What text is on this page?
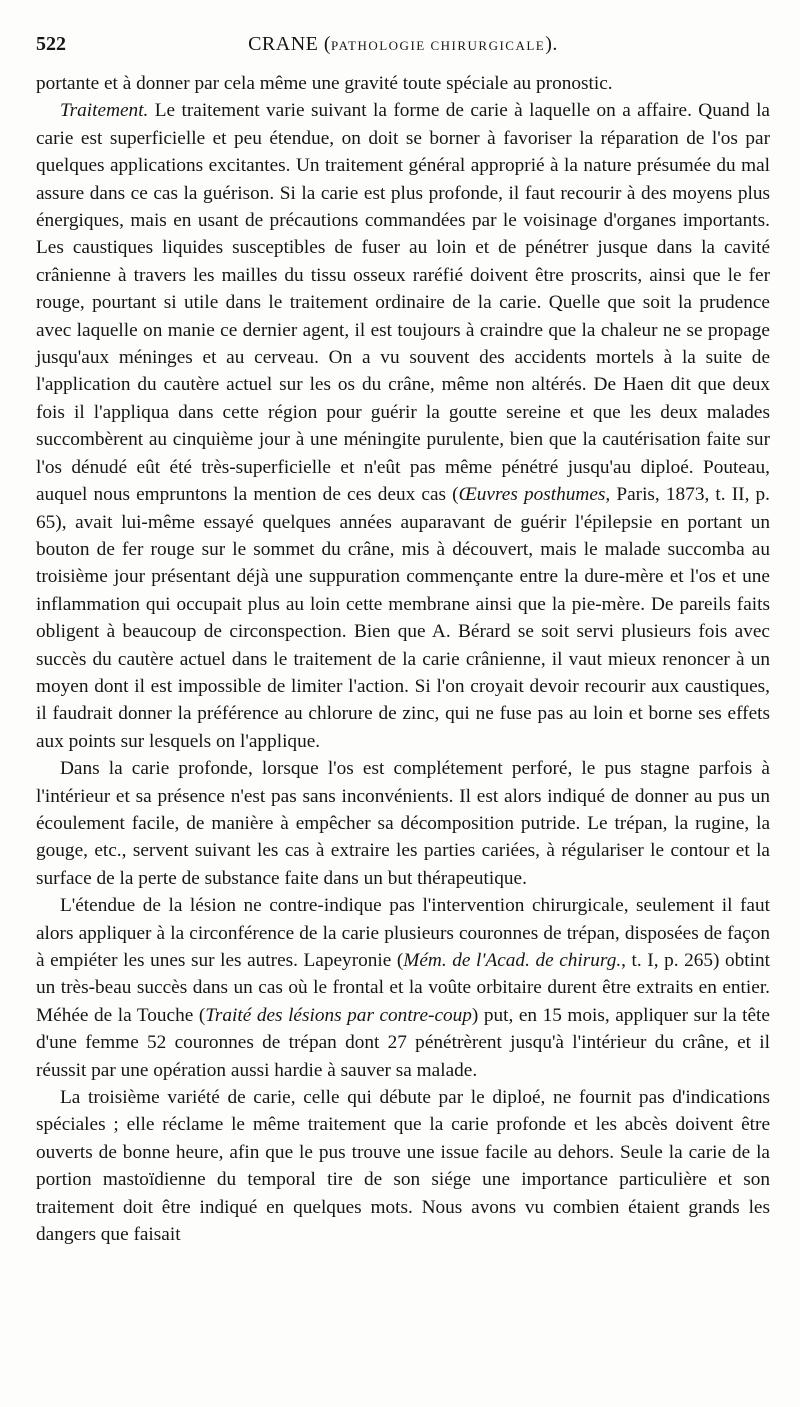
522	CRANE (PATHOLOGIE CHIRURGICALE).

portante et à donner par cela même une gravité toute spéciale au pronostic.

Traitement. Le traitement varie suivant la forme de carie à laquelle on a affaire. Quand la carie est superficielle et peu étendue, on doit se borner à favoriser la réparation de l'os par quelques applications excitantes. Un traitement général approprié à la nature présumée du mal assure dans ce cas la guérison. Si la carie est plus profonde, il faut recourir à des moyens plus énergiques, mais en usant de précautions commandées par le voisinage d'organes importants. Les caustiques liquides susceptibles de fuser au loin et de pénétrer jusque dans la cavité crânienne à travers les mailles du tissu osseux raréfié doivent être proscrits, ainsi que le fer rouge, pourtant si utile dans le traitement ordinaire de la carie. Quelle que soit la prudence avec laquelle on manie ce dernier agent, il est toujours à craindre que la chaleur ne se propage jusqu'aux méninges et au cerveau. On a vu souvent des accidents mortels à la suite de l'application du cautère actuel sur les os du crâne, même non altérés. De Haen dit que deux fois il l'appliqua dans cette région pour guérir la goutte sereine et que les deux malades succombèrent au cinquième jour à une méningite purulente, bien que la cautérisation faite sur l'os dénudé eût été très-superficielle et n'eût pas même pénétré jusqu'au diploé. Pouteau, auquel nous empruntons la mention de ces deux cas (Œuvres posthumes, Paris, 1873, t. II, p. 65), avait lui-même essayé quelques années auparavant de guérir l'épilepsie en portant un bouton de fer rouge sur le sommet du crâne, mis à découvert, mais le malade succomba au troisième jour présentant déjà une suppuration commençante entre la dure-mère et l'os et une inflammation qui occupait plus au loin cette membrane ainsi que la pie-mère. De pareils faits obligent à beaucoup de circonspection. Bien que A. Bérard se soit servi plusieurs fois avec succès du cautère actuel dans le traitement de la carie crânienne, il vaut mieux renoncer à un moyen dont il est impossible de limiter l'action. Si l'on croyait devoir recourir aux caustiques, il faudrait donner la préférence au chlorure de zinc, qui ne fuse pas au loin et borne ses effets aux points sur lesquels on l'applique.

Dans la carie profonde, lorsque l'os est complétement perforé, le pus stagne parfois à l'intérieur et sa présence n'est pas sans inconvénients. Il est alors indiqué de donner au pus un écoulement facile, de manière à empêcher sa décomposition putride. Le trépan, la rugine, la gouge, etc., servent suivant les cas à extraire les parties cariées, à régulariser le contour et la surface de la perte de substance faite dans un but thérapeutique.

L'étendue de la lésion ne contre-indique pas l'intervention chirurgicale, seulement il faut alors appliquer à la circonférence de la carie plusieurs couronnes de trépan, disposées de façon à empiéter les unes sur les autres. Lapeyronie (Mém. de l'Acad. de chirurg., t. I, p. 265) obtint un très-beau succès dans un cas où le frontal et la voûte orbitaire durent être extraits en entier. Méhée de la Touche (Traité des lésions par contre-coup) put, en 15 mois, appliquer sur la tête d'une femme 52 couronnes de trépan dont 27 pénétrèrent jusqu'à l'intérieur du crâne, et il réussit par une opération aussi hardie à sauver sa malade.

La troisième variété de carie, celle qui débute par le diploé, ne fournit pas d'indications spéciales ; elle réclame le même traitement que la carie profonde et les abcès doivent être ouverts de bonne heure, afin que le pus trouve une issue facile au dehors. Seule la carie de la portion mastoïdienne du temporal tire de son siége une importance particulière et son traitement doit être indiqué en quelques mots. Nous avons vu combien étaient grands les dangers que faisait
